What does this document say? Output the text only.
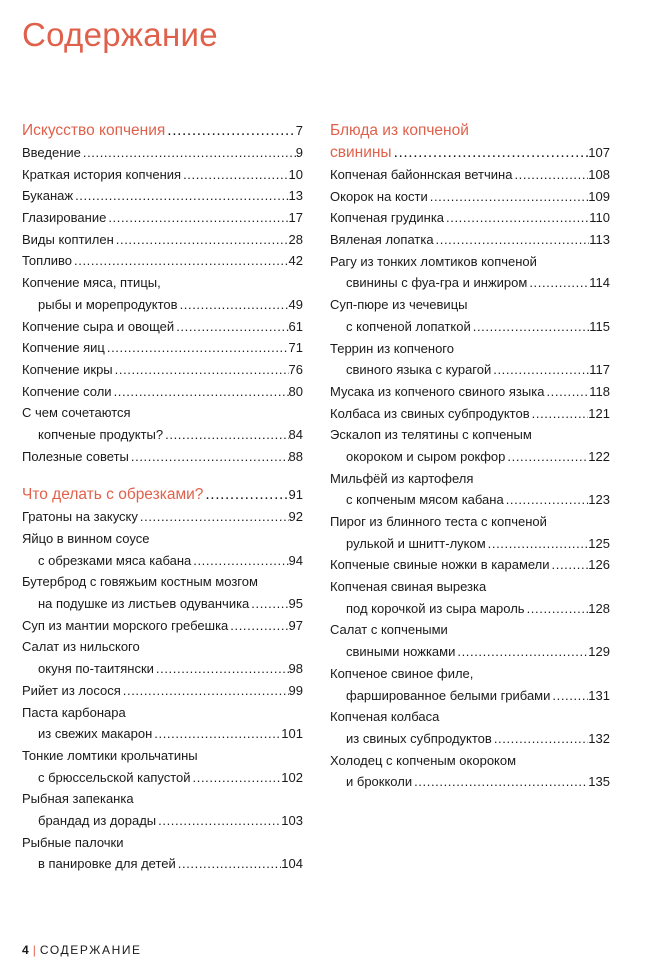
Содержание
Искусство копчения .....	7
Введение .....	9
Краткая история копчения .....	10
Буканаж .....	13
Глазирование .....	17
Виды коптилен .....	28
Топливо .....	42
Копчение мяса, птицы,
рыбы и морепродуктов .....	49
Копчение сыра и овощей .....	61
Копчение яиц .....	71
Копчение икры .....	76
Копчение соли .....	80
С чем сочетаются
копченые продукты? .....	84
Полезные советы .....	88
Что делать с обрезками? .....	91
Гратоны на закуску .....	92
Яйцо в винном соусе
с обрезками мяса кабана .....	94
Бутерброд с говяжьим костным мозгом
на подушке из листьев одуванчика .....	95
Суп из мантии морского гребешка .....	97
Салат из нильского
окуня по-таитянски .....	98
Рийет из лосося .....	99
Паста карбонара
из свежих макарон .....	101
Тонкие ломтики крольчатины
с брюссельской капустой .....	102
Рыбная запеканка
брандад из дорады .....	103
Рыбные палочки
в панировке для детей .....	104
Блюда из копченой
свинины .....	107
Копченая байоннская ветчина .....	108
Окорок на кости .....	109
Копченая грудинка .....	110
Вяленая лопатка .....	113
Рагу из тонких ломтиков копченой
свинины с фуа-гра и инжиром .....	114
Суп-пюре из чечевицы
с копченой лопаткой .....	115
Террин из копченого
свиного языка с курагой .....	117
Мусака из копченого свиного языка .....	118
Колбаса из свиных субпродуктов .....	121
Эскалоп из телятины с копченым
окороком и сыром рокфор .....	122
Мильфёй из картофеля
с копченым мясом кабана .....	123
Пирог из блинного теста с копченой
рулькой и шнитт-луком .....	125
Копченые свиные ножки в карамели .....	126
Копченая свиная вырезка
под корочкой из сыра мароль .....	128
Салат с копчеными
свиными ножками .....	129
Копченое свиное филе,
фаршированное белыми грибами .....	131
Копченая колбаса
из свиных субпродуктов .....	132
Холодец с копченым окороком
и брокколи .....	135
4 | СОДЕРЖАНИЕ
